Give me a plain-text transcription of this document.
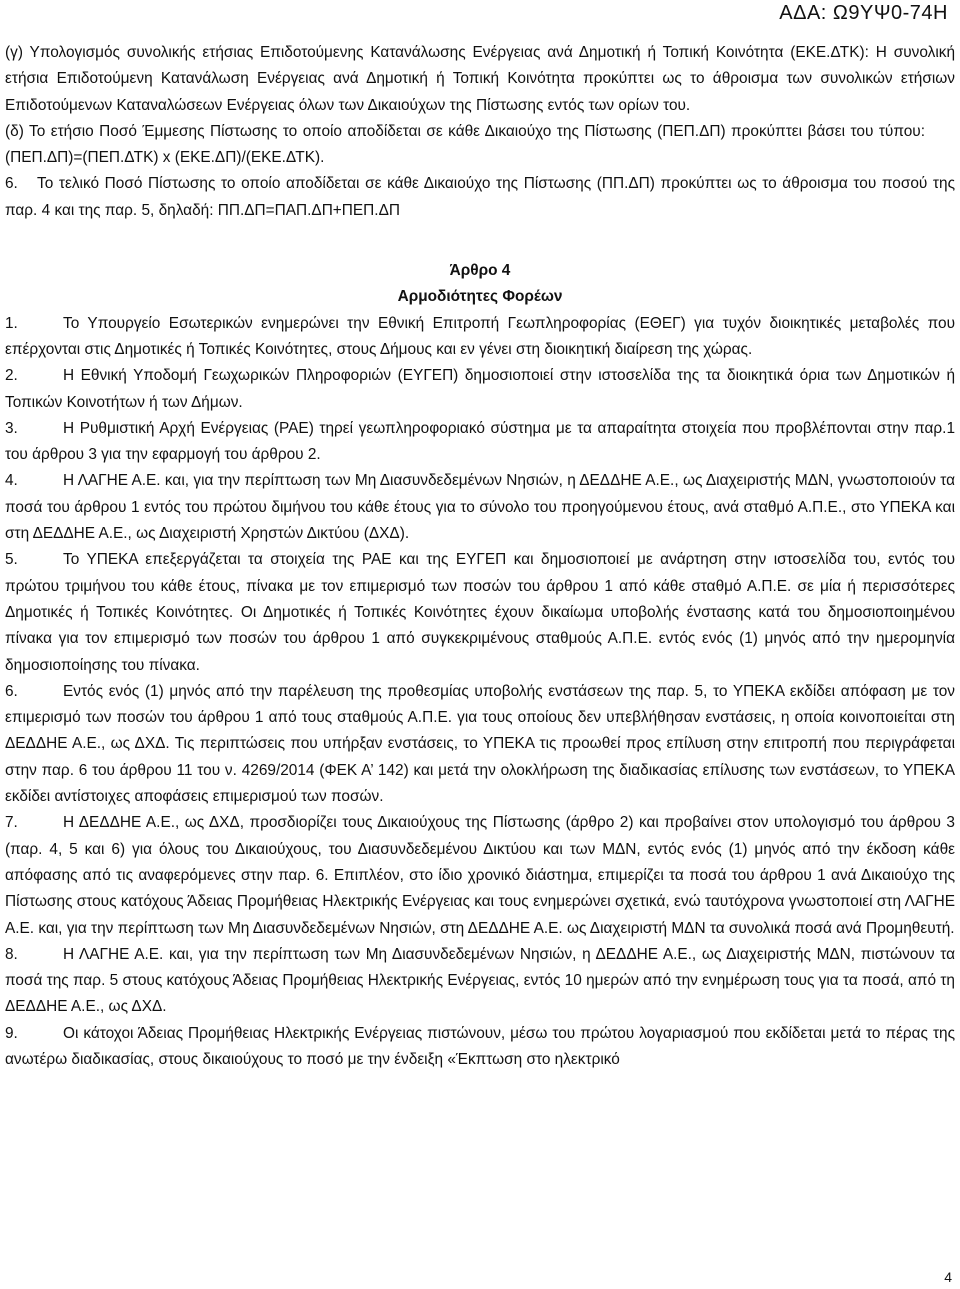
ΑΔΑ: Ω9ΥΨ0-74Η

(γ) Υπολογισμός συνολικής ετήσιας Επιδοτούμενης Κατανάλωσης Ενέργειας ανά Δημοτική ή Τοπική Κοινότητα (ΕΚΕ.ΔΤΚ): Η συνολική ετήσια Επιδοτούμενη Κατανάλωση Ενέργειας ανά Δημοτική ή Τοπική Κοινότητα προκύπτει ως το άθροισμα των συνολικών ετήσιων Επιδοτούμενων Καταναλώσεων Ενέργειας όλων των Δικαιούχων της Πίστωσης εντός των ορίων του.

(δ) Το ετήσιο Ποσό Έμμεσης Πίστωσης το οποίο αποδίδεται σε κάθε Δικαιούχο της Πίστωσης (ΠΕΠ.ΔΠ) προκύπτει βάσει του τύπου:(ΠΕΠ.ΔΠ)=(ΠΕΠ.ΔΤΚ) x (ΕΚΕ.ΔΠ)/(ΕΚΕ.ΔΤΚ).

6. Το τελικό Ποσό Πίστωσης το οποίο αποδίδεται σε κάθε Δικαιούχο της Πίστωσης (ΠΠ.ΔΠ) προκύπτει ως το άθροισμα του ποσού της παρ. 4 και της παρ. 5, δηλαδή: ΠΠ.ΔΠ=ΠΑΠ.ΔΠ+ΠΕΠ.ΔΠ

Άρθρο 4

Αρμοδιότητες Φορέων

1.	Το Υπουργείο Εσωτερικών ενημερώνει την Εθνική Επιτροπή Γεωπληροφορίας (ΕΘΕΓ) για τυχόν διοικητικές μεταβολές που επέρχονται στις Δημοτικές ή Τοπικές Κοινότητες, στους Δήμους και εν γένει στη διοικητική διαίρεση της χώρας.

2.	Η Εθνική Υποδομή Γεωχωρικών Πληροφοριών (ΕΥΓΕΠ) δημοσιοποιεί στην ιστοσελίδα της τα διοικητικά όρια των Δημοτικών ή Τοπικών Κοινοτήτων ή των Δήμων.

3.	Η Ρυθμιστική Αρχή Ενέργειας (ΡΑΕ) τηρεί γεωπληροφοριακό σύστημα με τα απαραίτητα στοιχεία που προβλέπονται στην παρ.1 του άρθρου 3 για την εφαρμογή του άρθρου 2.

4.	Η ΛΑΓΗΕ Α.Ε. και, για την περίπτωση των Μη Διασυνδεδεμένων Νησιών, η ΔΕΔΔΗΕ Α.Ε., ως Διαχειριστής ΜΔΝ, γνωστοποιούν τα ποσά του άρθρου 1 εντός του πρώτου διμήνου του κάθε έτους για το σύνολο του προηγούμενου έτους, ανά σταθμό Α.Π.Ε., στο ΥΠΕΚΑ και στη ΔΕΔΔΗΕ Α.Ε., ως Διαχειριστή Χρηστών Δικτύου (ΔΧΔ).

5.	Το ΥΠΕΚΑ επεξεργάζεται τα στοιχεία της ΡΑΕ και της ΕΥΓΕΠ και δημοσιοποιεί με ανάρτηση στην ιστοσελίδα του, εντός του πρώτου τριμήνου του κάθε έτους, πίνακα με τον επιμερισμό των ποσών του άρθρου 1 από κάθε σταθμό Α.Π.Ε. σε μία ή περισσότερες Δημοτικές ή Τοπικές Κοινότητες. Οι Δημοτικές ή Τοπικές Κοινότητες έχουν δικαίωμα υποβολής ένστασης κατά του δημοσιοποιημένου πίνακα για τον επιμερισμό των ποσών του άρθρου 1 από συγκεκριμένους σταθμούς Α.Π.Ε. εντός ενός (1) μηνός από την ημερομηνία δημοσιοποίησης του πίνακα.

6.	Εντός ενός (1) μηνός από την παρέλευση της προθεσμίας υποβολής ενστάσεων της παρ. 5, το ΥΠΕΚΑ εκδίδει απόφαση με τον επιμερισμό των ποσών του άρθρου 1 από τους σταθμούς Α.Π.Ε. για τους οποίους δεν υπεβλήθησαν ενστάσεις, η οποία κοινοποιείται στη ΔΕΔΔΗΕ Α.Ε., ως ΔΧΔ. Τις περιπτώσεις που υπήρξαν ενστάσεις, το ΥΠΕΚΑ τις προωθεί προς επίλυση στην επιτροπή που περιγράφεται στην παρ. 6 του άρθρου 11 του ν. 4269/2014 (ΦΕΚ Α’ 142) και μετά την ολοκλήρωση της διαδικασίας επίλυσης των ενστάσεων, το ΥΠΕΚΑ εκδίδει αντίστοιχες αποφάσεις επιμερισμού των ποσών.

7.	Η ΔΕΔΔΗΕ Α.Ε., ως ΔΧΔ, προσδιορίζει τους Δικαιούχους της Πίστωσης (άρθρο 2) και προβαίνει στον υπολογισμό του άρθρου 3 (παρ. 4, 5 και 6) για όλους του Δικαιούχους, του Διασυνδεδεμένου Δικτύου και των ΜΔΝ, εντός ενός (1) μηνός από την έκδοση κάθε απόφασης από τις αναφερόμενες στην παρ. 6. Επιπλέον, στο ίδιο χρονικό διάστημα, επιμερίζει τα ποσά του άρθρου 1 ανά Δικαιούχο της Πίστωσης στους κατόχους Άδειας Προμήθειας Ηλεκτρικής Ενέργειας και τους ενημερώνει σχετικά, ενώ ταυτόχρονα γνωστοποιεί στη ΛΑΓΗΕ Α.Ε. και, για την περίπτωση των Μη Διασυνδεδεμένων Νησιών, στη ΔΕΔΔΗΕ Α.Ε. ως Διαχειριστή ΜΔΝ τα συνολικά ποσά ανά Προμηθευτή.

8.	Η ΛΑΓΗΕ Α.Ε. και, για την περίπτωση των Μη Διασυνδεδεμένων Νησιών, η ΔΕΔΔΗΕ Α.Ε., ως Διαχειριστής ΜΔΝ, πιστώνουν τα ποσά της παρ. 5 στους κατόχους Άδειας Προμήθειας Ηλεκτρικής Ενέργειας, εντός 10 ημερών από την ενημέρωση τους για τα ποσά, από τη ΔΕΔΔΗΕ Α.Ε., ως ΔΧΔ.

9.	Οι κάτοχοι Άδειας Προμήθειας Ηλεκτρικής Ενέργειας πιστώνουν, μέσω του πρώτου λογαριασμού που εκδίδεται μετά το πέρας της ανωτέρω διαδικασίας, στους δικαιούχους το ποσό με την ένδειξη «Έκπτωση στο ηλεκτρικό

4
